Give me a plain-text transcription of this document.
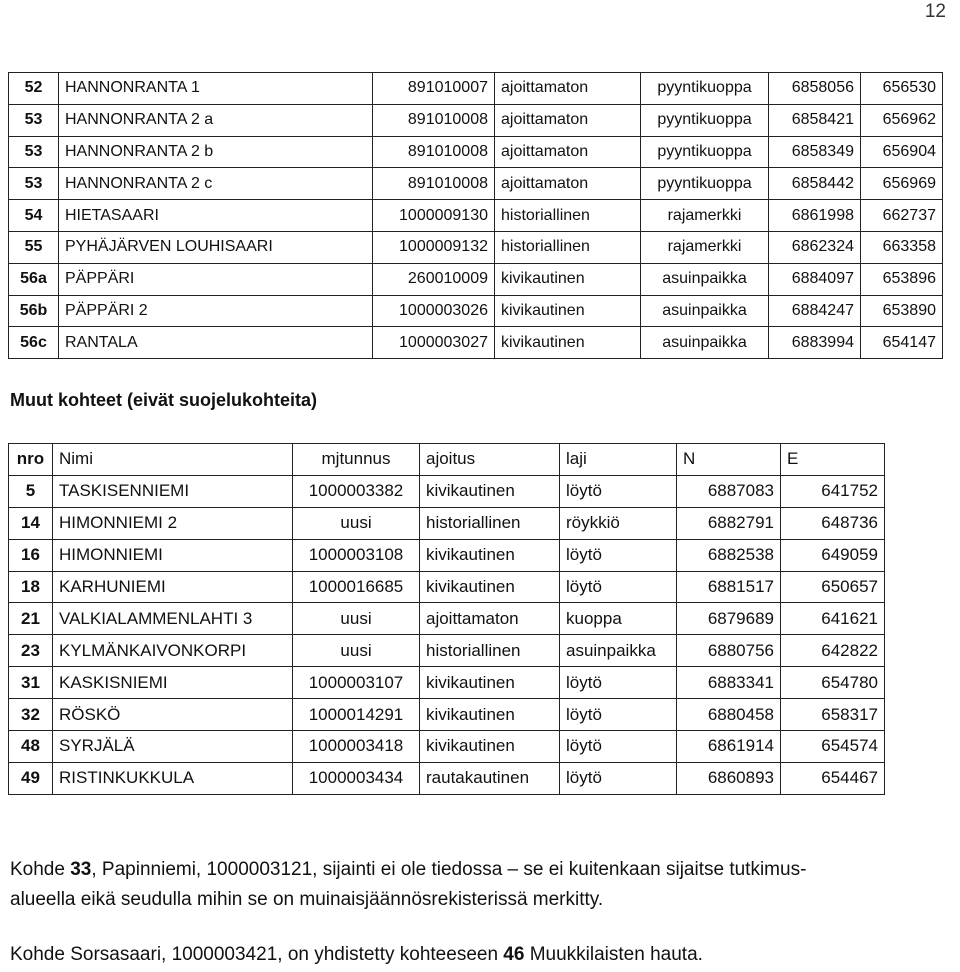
12
52	HANNONRANTA 1	891010007	ajoittamaton	pyyntikuoppa	6858056	656530
53	HANNONRANTA 2 a	891010008	ajoittamaton	pyyntikuoppa	6858421	656962
53	HANNONRANTA 2 b	891010008	ajoittamaton	pyyntikuoppa	6858349	656904
53	HANNONRANTA 2 c	891010008	ajoittamaton	pyyntikuoppa	6858442	656969
54	HIETASAARI	1000009130	historiallinen	rajamerkki	6861998	662737
55	PYHÄJÄRVEN LOUHISAARI	1000009132	historiallinen	rajamerkki	6862324	663358
56a	PÄPPÄRI	260010009	kivikautinen	asuinpaikka	6884097	653896
56b	PÄPPÄRI 2	1000003026	kivikautinen	asuinpaikka	6884247	653890
56c	RANTALA	1000003027	kivikautinen	asuinpaikka	6883994	654147
Muut kohteet (eivät suojelukohteita)
nro	Nimi	mjtunnus	ajoitus	laji	N	E
5	TASKISENNIEMI	1000003382	kivikautinen	löytö	6887083	641752
14	HIMONNIEMI 2	uusi	historiallinen	röykkiö	6882791	648736
16	HIMONNIEMI	1000003108	kivikautinen	löytö	6882538	649059
18	KARHUNIEMI	1000016685	kivikautinen	löytö	6881517	650657
21	VALKIALAMMENLAHTI 3	uusi	ajoittamaton	kuoppa	6879689	641621
23	KYLMÄNKAIVONKORPI	uusi	historiallinen	asuinpaikka	6880756	642822
31	KASKISNIEMI	1000003107	kivikautinen	löytö	6883341	654780
32	RÖSKÖ	1000014291	kivikautinen	löytö	6880458	658317
48	SYRJÄLÄ	1000003418	kivikautinen	löytö	6861914	654574
49	RISTINKUKKULA	1000003434	rautakautinen	löytö	6860893	654467
Kohde 33, Papinniemi, 1000003121, sijainti ei ole tiedossa – se ei kuitenkaan sijaitse tutkimus-
alueella eikä seudulla mihin se on muinaisjäännösrekisterissä merkitty.
Kohde Sorsasaari, 1000003421, on yhdistetty kohteeseen 46 Muukkilaisten hauta.
